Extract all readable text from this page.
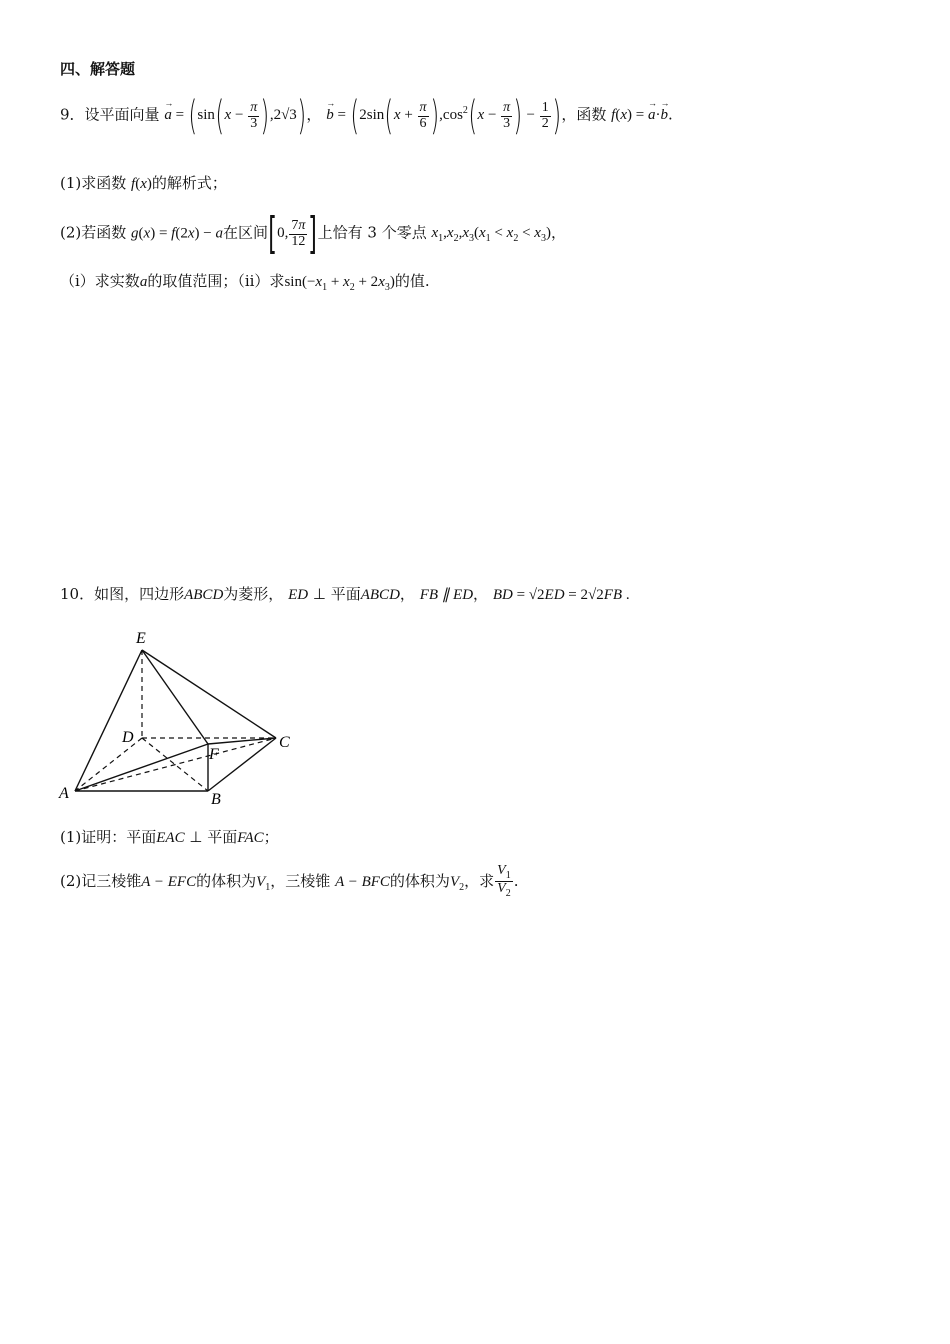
四、解答题
9．设平面向量 a → = $(\sin(x - \frac{\pi}{3} ),2√3)$， b → = ($2\sin(x + \frac{\pi}{6} ),\cos^2(x - \frac{\pi}{3}$ ) − $\frac{1}{2}$ )，函数 f(x) = a →·b →.
(1)求函数 f(x)的解析式；
(2)若函数 g(x) = f(2x) − a在区间[0, $\frac{7\pi}{12}$ ]上恰有 3 个零点 $x_1,x_2,x_3(x_1 < x_2 < x_3)$，
（i）求实数a的取值范围；（ii）求$\sin(-x_1 + x_2 + 2x_3)$的值.
10．如图，四边形ABCD为菱形， ED ⊥ 平面ABCD， FB ∥ ED， BD = √2ED = 2√2FB .
E
D
F
C
A	B
(1)证明：平面EAC ⊥ 平面FAC；
(2)记三棱锥A − EFC的体积为$V_1$，三棱锥 A − BFC的体积为$V_2$，求 $\frac{V_1}{V_2}$ .
